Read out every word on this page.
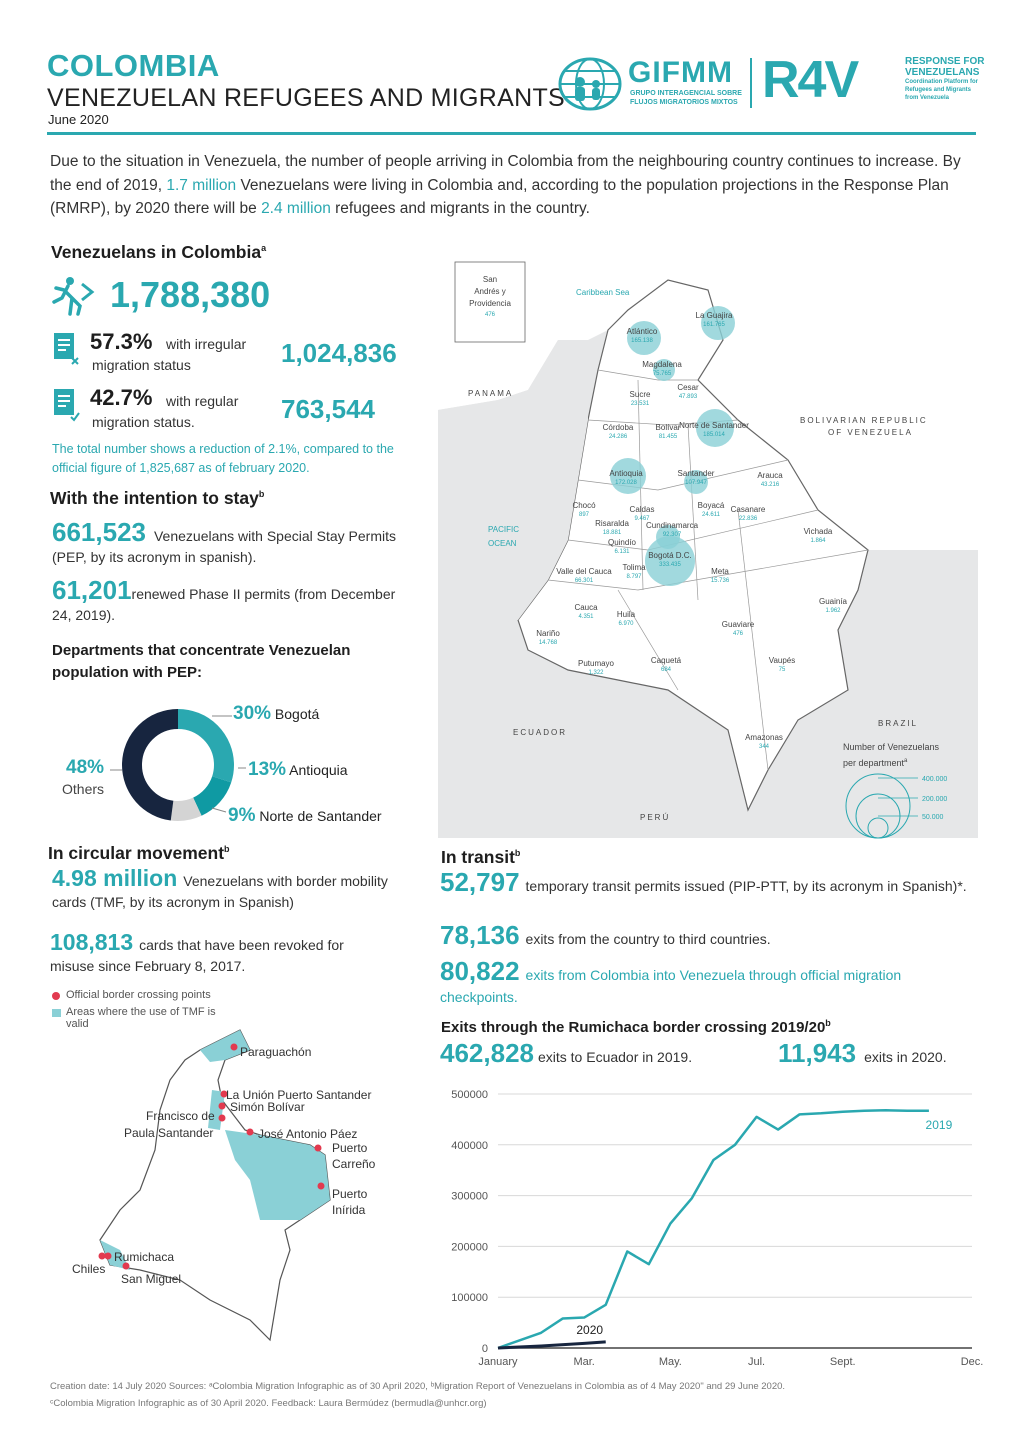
COLOMBIA
VENEZUELAN REFUGEES AND MIGRANTS
June 2020
GIFMM
GRUPO INTERAGENCIAL SOBRE
FLUJOS MIGRATORIOS MIXTOS R4V	RESPONSE FOR
VENEZUELANS
Coordination Platform for
Refugees and Migrants
from Venezuela
Due to the situation in Venezuela, the number of people arriving in Colombia from the neighbouring country continues to increase. By the end of 2019, 1.7 million Venezuelans were living in Colombia and, according to the population projections in the Response Plan (RMRP), by 2020 there will be 2.4 million refugees and migrants in the country.
Venezuelans in Colombia$^a$
1,788,380
57.3% with irregular
migration status	1,024,836
42.7% with regular
migration status.	763,544
The total number shows a reduction of 2.1%, compared to the official figure of 1,825,687 as of february 2020.
With the intention to stay$^b$
661,523 Venezuelans with Special Stay Permits (PEP, by its acronym in spanish).
61,201renewed Phase II permits (from December 24, 2019).
Departments that concentrate Venezuelan population with PEP:
30% Bogotá
13% Antioquia
9% Norte de Santander
48%
Others
In circular movement$^b$
4.98 million Venezuelans with border mobility cards (TMF, by its acronym in Spanish)
108,813 cards that have been revoked for misuse since February 8, 2017.
Official border crossing points
Areas where the use of TMF is valid
Paraguachón
La Unión Puerto Santander
Simón Bolívar
Francisco de Paula Santander	José Antonio Páez
Puerto Carreño
Puerto Inírida
Rumichaca
Chiles
San Miguel
San
Andrés y
Providencia
476
Caribbean Sea
PACIFIC
OCEAN
PANAMA
BOLIVARIAN REPUBLIC
OF VENEZUELA
ECUADOR
PERÚ
BRAZIL
La Guajira
161.765
Atlántico
165.138
Magdalena
75.765
Cesar
47.893
Sucre
23.531
Córdoba
24.286
Bolívar
81.455
Norte de Santander
185.014
Antioquia
172.028
Santander
107.947
Arauca
43.216
Chocó
897
Caldas
9.467
Boyacá
24.611
Casanare
22.836
Risaralda
18.881
Cundinamarca
92.307
Quindío
6.131 Bogotá D.C.
333.435
Vichada
1.864
Valle del Cauca
66.301
Tolima
8.797
Meta
15.736
Cauca
4.351	Huila
6.970
Guainía
1.962
Guaviare
476
Nariño
14.768
Putumayo
1.322
Caquetá
684
Vaupés
75
Amazonas
344	Number of Venezuelans
per department$^a$
400.000
200.000
50.000
In transit$^b$
52,797 temporary transit permits issued (PIP-PTT, by its acronym in Spanish)*.
78,136 exits from the country to third countries.
80,822 exits from Colombia into Venezuela through official migration checkpoints.
Exits through the Rumichaca border crossing 2019/20$^b$
462,828 exits to Ecuador in 2019.	11,943 exits in 2020.
0
100000
200000
300000
400000
500000
January	Mar.	May.	Jul.	Sept.	Dec.
2019
2020
Creation date: 14 July 2020 Sources: ᵃColombia Migration Infographic as of 30 April 2020, ᵇMigration Report of Venezuelans in Colombia as of 4 May 2020" and 29 June 2020.
ᶜColombia Migration Infographic as of 30 April 2020. Feedback: Laura Bermúdez (bermudla@unhcr.org)
